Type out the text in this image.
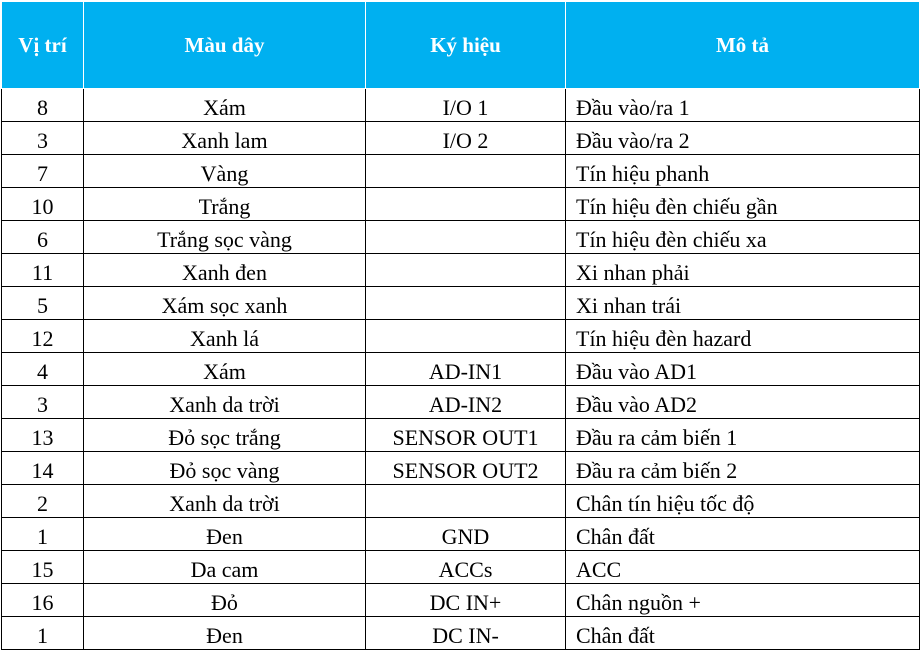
Vị trí	Màu dây	Ký hiệu	Mô tả
8	Xám	I/O 1	Đầu vào/ra 1
3	Xanh lam	I/O 2	Đầu vào/ra 2
7	Vàng		Tín hiệu phanh
10	Trắng		Tín hiệu đèn chiếu gần
6	Trắng sọc vàng		Tín hiệu đèn chiếu xa
11	Xanh đen		Xi nhan phải
5	Xám sọc xanh		Xi nhan trái
12	Xanh lá		Tín hiệu đèn hazard
4	Xám	AD-IN1	Đầu vào AD1
3	Xanh da trời	AD-IN2	Đầu vào AD2
13	Đỏ sọc trắng	SENSOR OUT1	Đầu ra cảm biến 1
14	Đỏ sọc vàng	SENSOR OUT2	Đầu ra cảm biến 2
2	Xanh da trời		Chân tín hiệu tốc độ
1	Đen	GND	Chân đất
15	Da cam	ACCs	ACC
16	Đỏ	DC IN+	Chân nguồn +
1	Đen	DC IN-	Chân đất
